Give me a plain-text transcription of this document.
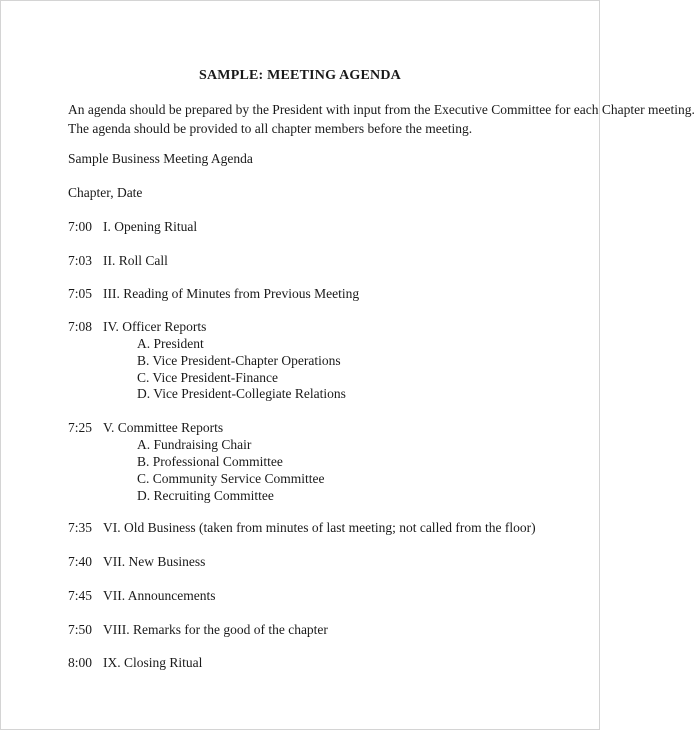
SAMPLE: MEETING AGENDA
An agenda should be prepared by the President with input from the Executive Committee for each Chapter meeting.
The agenda should be provided to all chapter members before the meeting.
Sample Business Meeting Agenda
Chapter, Date
7:00 I. Opening Ritual
7:03 II. Roll Call
7:05 III. Reading of Minutes from Previous Meeting
7:08 IV. Officer Reports
A. President
B. Vice President-Chapter Operations
C. Vice President-Finance
D. Vice President-Collegiate Relations
7:25 V. Committee Reports
A. Fundraising Chair
B. Professional Committee
C. Community Service Committee
D. Recruiting Committee
7:35 VI. Old Business (taken from minutes of last meeting; not called from the floor)
7:40 VII. New Business
7:45 VII. Announcements
7:50 VIII. Remarks for the good of the chapter
8:00 IX. Closing Ritual
